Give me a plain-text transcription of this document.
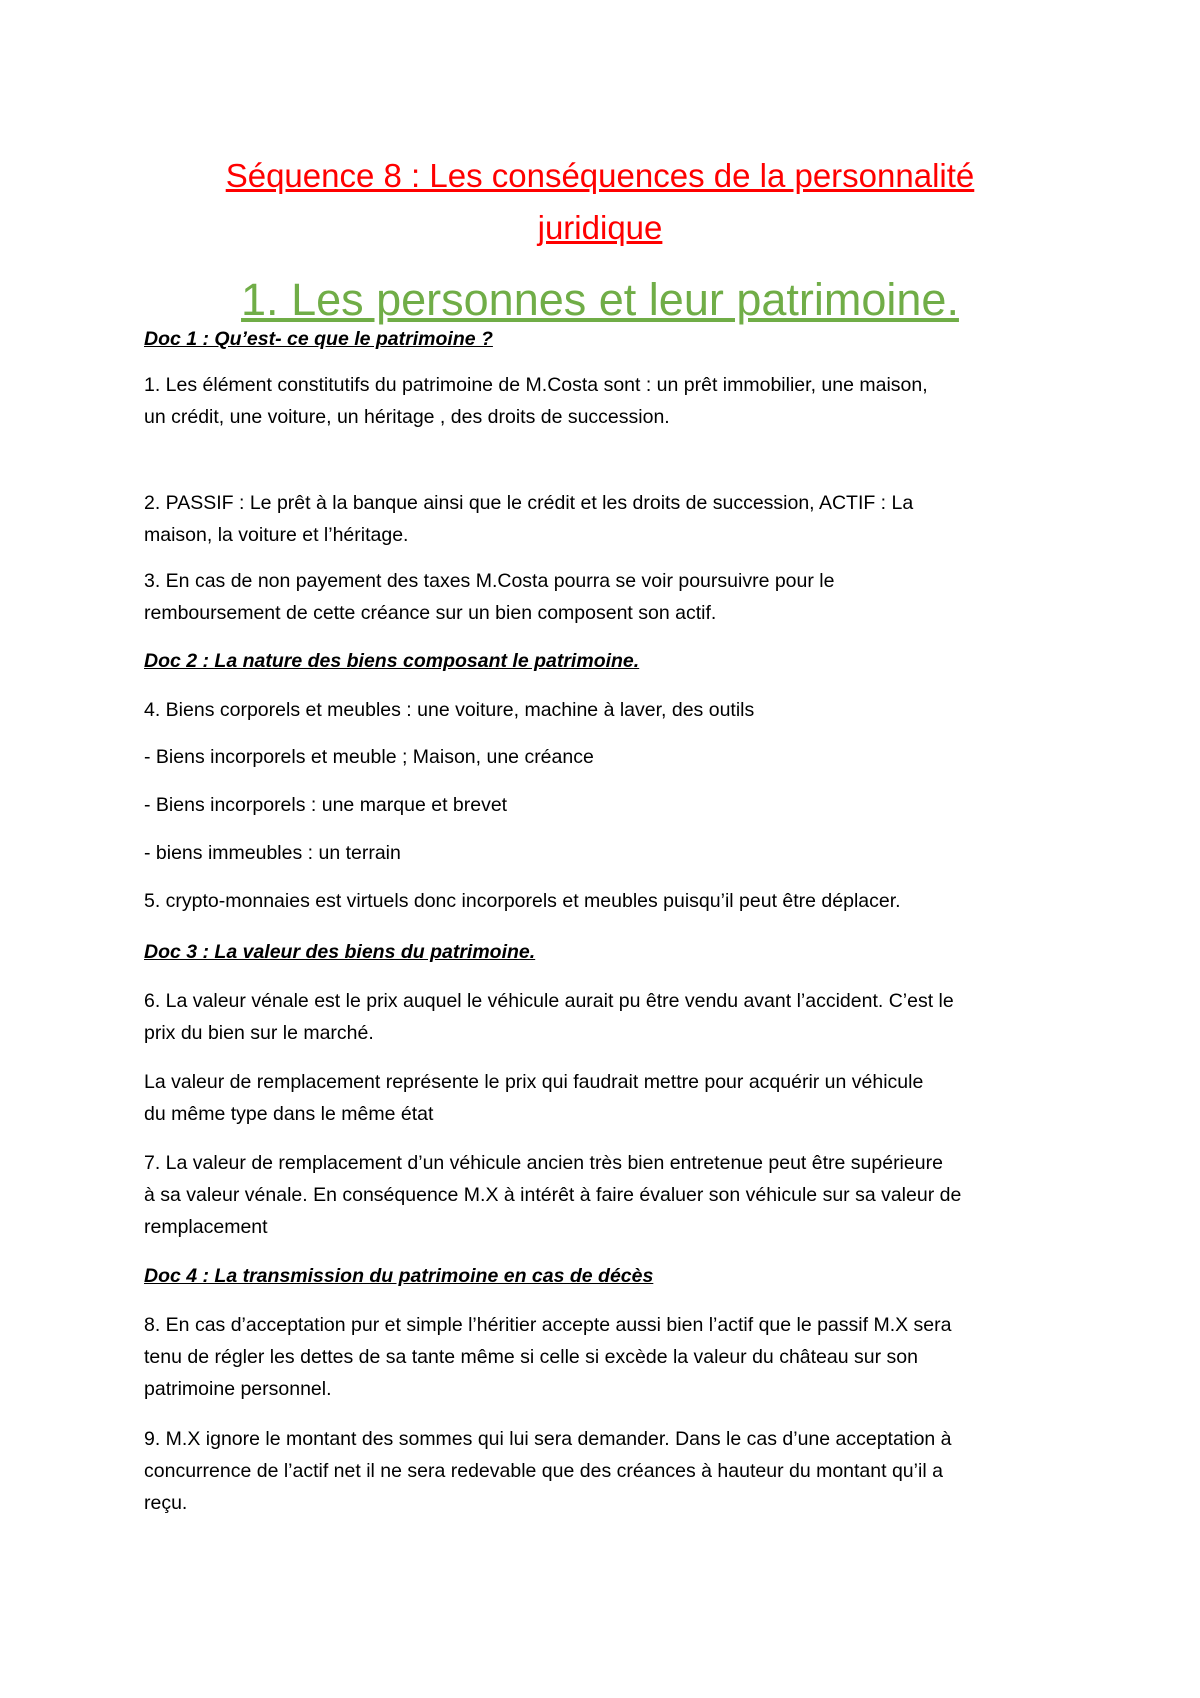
Séquence 8 : Les conséquences de la personnalité
juridique
1. Les personnes et leur patrimoine.

Doc 1 : Qu’est- ce que le patrimoine ?

1. Les élément constitutifs du patrimoine de M.Costa sont : un prêt immobilier, une maison,
un crédit, une voiture, un héritage , des droits de succession.

2. PASSIF : Le prêt à la banque ainsi que le crédit et les droits de succession, ACTIF : La
maison, la voiture et l’héritage.

3. En cas de non payement des taxes M.Costa pourra se voir poursuivre pour le
remboursement de cette créance sur un bien composent son actif.

Doc 2 : La nature des biens composant le patrimoine.

4. Biens corporels et meubles : une voiture, machine à laver, des outils

- Biens incorporels et meuble ; Maison, une créance

- Biens incorporels : une marque et brevet

- biens immeubles : un terrain

5. crypto-monnaies est virtuels donc incorporels et meubles puisqu’il peut être déplacer.

Doc 3 : La valeur des biens du patrimoine.

6. La valeur vénale est le prix auquel le véhicule aurait pu être vendu avant l’accident. C’est le
prix du bien sur le marché.

La valeur de remplacement représente le prix qui faudrait mettre pour acquérir un véhicule
du même type dans le même état

7. La valeur de remplacement d’un véhicule ancien très bien entretenue peut être supérieure
à sa valeur vénale. En conséquence M.X à intérêt à faire évaluer son véhicule sur sa valeur de
remplacement

Doc 4 : La transmission du patrimoine en cas de décès

8. En cas d’acceptation pur et simple l’héritier accepte aussi bien l’actif que le passif M.X sera
tenu de régler les dettes de sa tante même si celle si excède la valeur du château sur son
patrimoine personnel.

9. M.X ignore le montant des sommes qui lui sera demander. Dans le cas d’une acceptation à
concurrence de l’actif net il ne sera redevable que des créances à hauteur du montant qu’il a
reçu.
